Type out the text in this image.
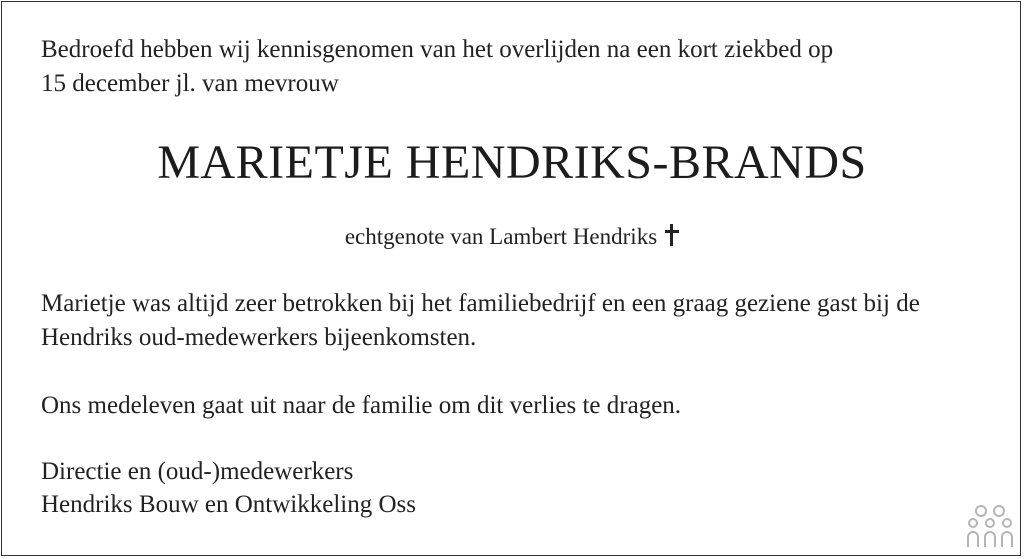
Bedroefd hebben wij kennisgenomen van het overlijden na een kort ziekbed op
15 december jl. van mevrouw
MARIETJE HENDRIKS-BRANDS
echtgenote van Lambert Hendriks
Marietje was altijd zeer betrokken bij het familiebedrijf en een graag geziene gast bij de
Hendriks oud-medewerkers bijeenkomsten.
Ons medeleven gaat uit naar de familie om dit verlies te dragen.
Directie en (oud-)medewerkers
Hendriks Bouw en Ontwikkeling Oss
